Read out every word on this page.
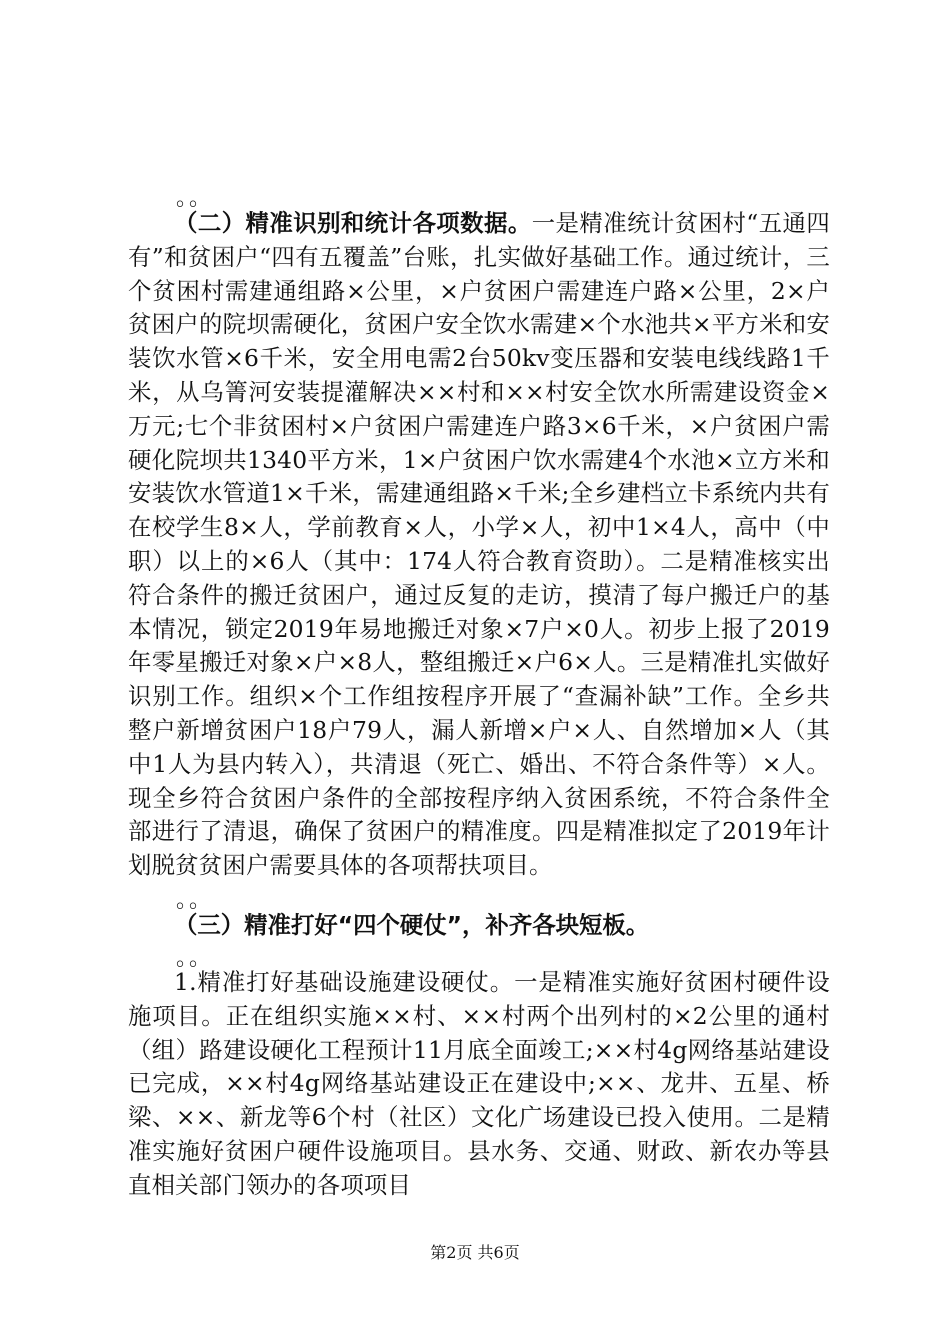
。。

（二）精准识别和统计各项数据。一是精准统计贫困村“五通四有”和贫困户“四有五覆盖”台账，扎实做好基础工作。通过统计，三个贫困村需建通组路×公里，×户贫困户需建连户路×公里，2×户贫困户的院坝需硬化，贫困户安全饮水需建×个水池共×平方米和安装饮水管×6千米，安全用电需2台50kv变压器和安装电线线路1千米，从乌箐河安装提灌解决××村和××村安全饮水所需建设资金×万元;七个非贫困村×户贫困户需建连户路3×6千米，×户贫困户需硬化院坝共1340平方米，1×户贫困户饮水需建4个水池×立方米和安装饮水管道1×千米，需建通组路×千米;全乡建档立卡系统内共有在校学生8×人，学前教育×人，小学×人，初中1×4人，高中（中职）以上的×6人（其中：174人符合教育资助）。二是精准核实出符合条件的搬迁贫困户，通过反复的走访，摸清了每户搬迁户的基本情况，锁定2019年易地搬迁对象×7户×0人。初步上报了2019年零星搬迁对象×户×8人，整组搬迁×户6×人。三是精准扎实做好识别工作。组织×个工作组按程序开展了“查漏补缺”工作。全乡共整户新增贫困户18户79人，漏人新增×户×人、自然增加×人（其中1人为县内转入），共清退（死亡、婚出、不符合条件等）×人。现全乡符合贫困户条件的全部按程序纳入贫困系统，不符合条件全部进行了清退，确保了贫困户的精准度。四是精准拟定了2019年计划脱贫贫困户需要具体的各项帮扶项目。

。。
（三）精准打好“四个硬仗”，补齐各块短板。
。。

1.精准打好基础设施建设硬仗。一是精准实施好贫困村硬件设施项目。正在组织实施××村、××村两个出列村的×2公里的通村（组）路建设硬化工程预计11月底全面竣工;××村4g网络基站建设已完成，××村4g网络基站建设正在建设中;××、龙井、五星、桥梁、××、新龙等6个村（社区）文化广场建设已投入使用。二是精准实施好贫困户硬件设施项目。县水务、交通、财政、新农办等县直相关部门领办的各项项目

第2页 共6页
